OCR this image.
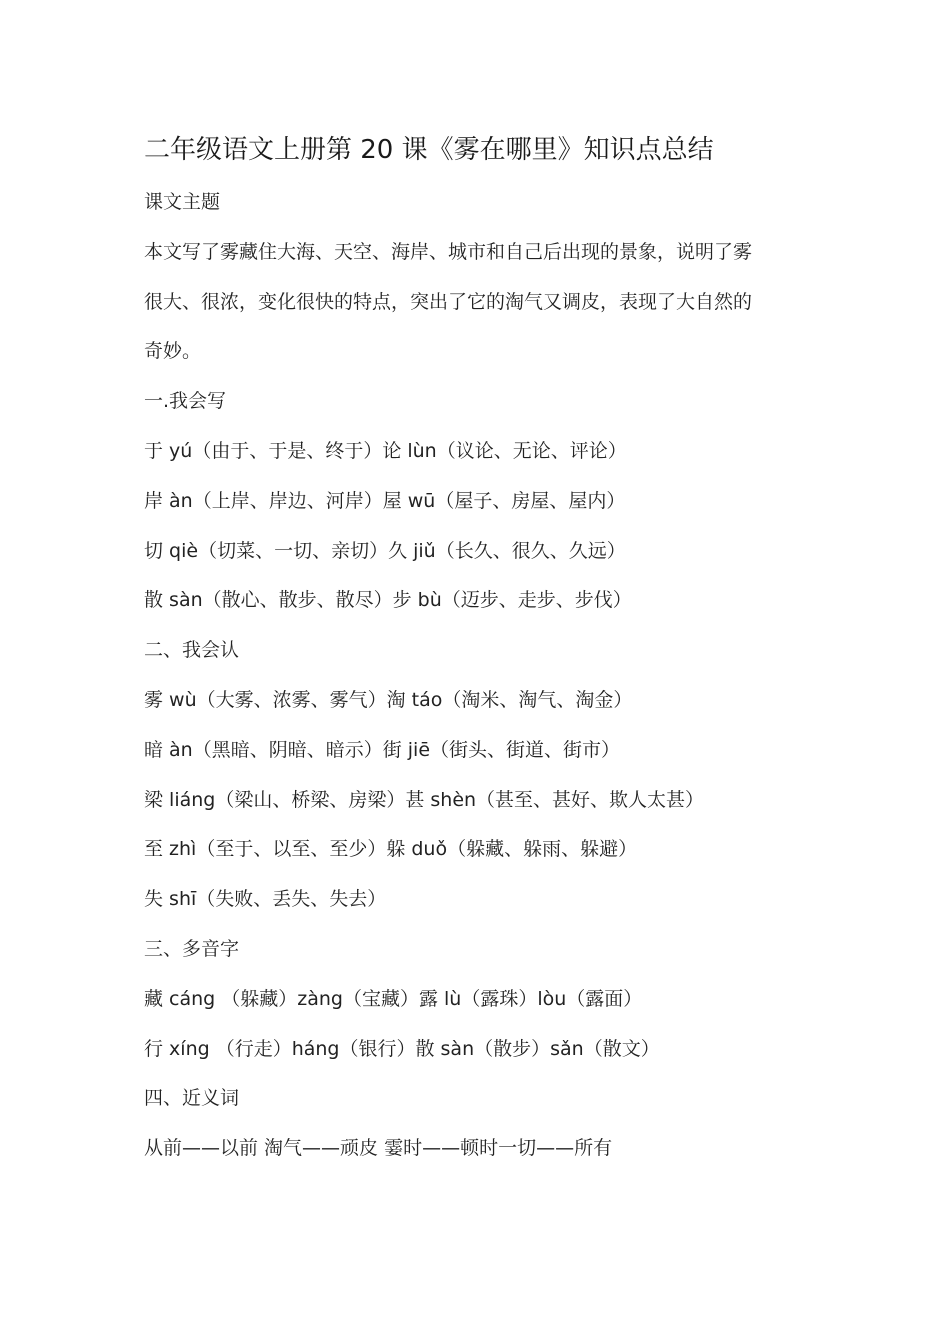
二年级语文上册第 20 课《雾在哪里》知识点总结

课文主题

本文写了雾藏住大海、天空、海岸、城市和自己后出现的景象，说明了雾

很大、很浓，变化很快的特点，突出了它的淘气又调皮，表现了大自然的

奇妙。

一.我会写

于 yú（由于、于是、终于）论 lùn（议论、无论、评论）

岸 àn（上岸、岸边、河岸）屋 wū（屋子、房屋、屋内）

切 qiè（切菜、一切、亲切）久 jiǔ（长久、很久、久远）

散 sàn（散心、散步、散尽）步 bù（迈步、走步、步伐）

二、我会认

雾 wù（大雾、浓雾、雾气）淘 táo（淘米、淘气、淘金）

暗 àn（黑暗、阴暗、暗示）街 jiē（街头、街道、街市）

梁 liáng（梁山、桥梁、房梁）甚 shèn（甚至、甚好、欺人太甚）

至 zhì（至于、以至、至少）躲 duǒ（躲藏、躲雨、躲避）

失 shī（失败、丢失、失去）

三、多音字

藏 cáng （躲藏）zàng（宝藏）露 lù（露珠）lòu（露面）

行 xíng （行走）háng（银行）散 sàn（散步）sǎn（散文）

四、近义词

从前——以前 淘气——顽皮 霎时——顿时一切——所有
